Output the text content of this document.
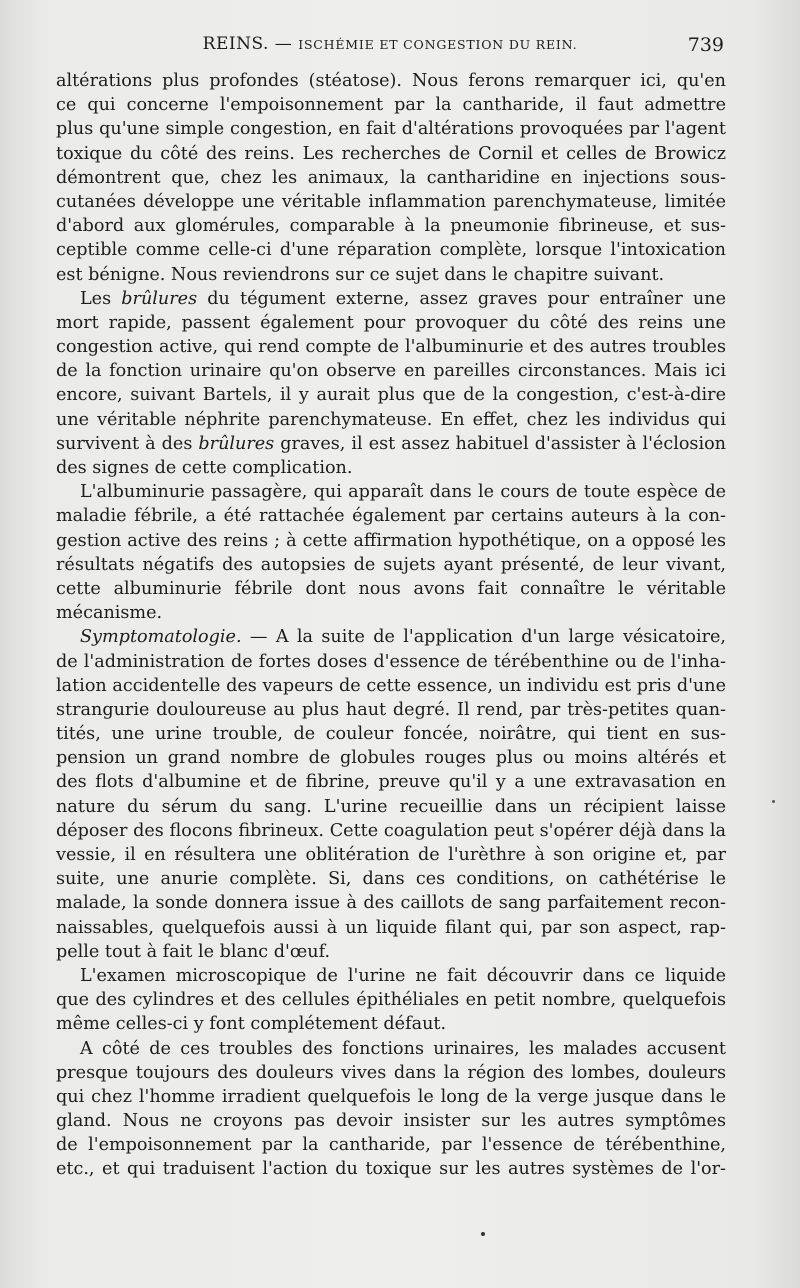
REINS. — ISCHÉMIE ET CONGESTION DU REIN.	739
altérations plus profondes (stéatose). Nous ferons remarquer ici, qu'en
ce qui concerne l'empoisonnement par la cantharide, il faut admettre
plus qu'une simple congestion, en fait d'altérations provoquées par l'agent
toxique du côté des reins. Les recherches de Cornil et celles de Browicz
démontrent que, chez les animaux, la cantharidine en injections sous-
cutanées développe une véritable inflammation parenchymateuse, limitée
d'abord aux glomérules, comparable à la pneumonie fibrineuse, et sus-
ceptible comme celle-ci d'une réparation complète, lorsque l'intoxication
est bénigne. Nous reviendrons sur ce sujet dans le chapitre suivant.
Les brûlures du tégument externe, assez graves pour entraîner une
mort rapide, passent également pour provoquer du côté des reins une
congestion active, qui rend compte de l'albuminurie et des autres troubles
de la fonction urinaire qu'on observe en pareilles circonstances. Mais ici
encore, suivant Bartels, il y aurait plus que de la congestion, c'est-à-dire
une véritable néphrite parenchymateuse. En effet, chez les individus qui
survivent à des brûlures graves, il est assez habituel d'assister à l'éclosion
des signes de cette complication.
L'albuminurie passagère, qui apparaît dans le cours de toute espèce de
maladie fébrile, a été rattachée également par certains auteurs à la con-
gestion active des reins ; à cette affirmation hypothétique, on a opposé les
résultats négatifs des autopsies de sujets ayant présenté, de leur vivant,
cette albuminurie fébrile dont nous avons fait connaître le véritable
mécanisme.
Symptomatologie. — A la suite de l'application d'un large vésicatoire,
de l'administration de fortes doses d'essence de térébenthine ou de l'inha-
lation accidentelle des vapeurs de cette essence, un individu est pris d'une
strangurie douloureuse au plus haut degré. Il rend, par très-petites quan-
tités, une urine trouble, de couleur foncée, noirâtre, qui tient en sus-
pension un grand nombre de globules rouges plus ou moins altérés et
des flots d'albumine et de fibrine, preuve qu'il y a une extravasation en
nature du sérum du sang. L'urine recueillie dans un récipient laisse
déposer des flocons fibrineux. Cette coagulation peut s'opérer déjà dans la
vessie, il en résultera une oblitération de l'urèthre à son origine et, par
suite, une anurie complète. Si, dans ces conditions, on cathétérise le
malade, la sonde donnera issue à des caillots de sang parfaitement recon-
naissables, quelquefois aussi à un liquide filant qui, par son aspect, rap-
pelle tout à fait le blanc d'œuf.
L'examen microscopique de l'urine ne fait découvrir dans ce liquide
que des cylindres et des cellules épithéliales en petit nombre, quelquefois
même celles-ci y font complétement défaut.
A côté de ces troubles des fonctions urinaires, les malades accusent
presque toujours des douleurs vives dans la région des lombes, douleurs
qui chez l'homme irradient quelquefois le long de la verge jusque dans le
gland. Nous ne croyons pas devoir insister sur les autres symptômes
de l'empoisonnement par la cantharide, par l'essence de térébenthine,
etc., et qui traduisent l'action du toxique sur les autres systèmes de l'or-
